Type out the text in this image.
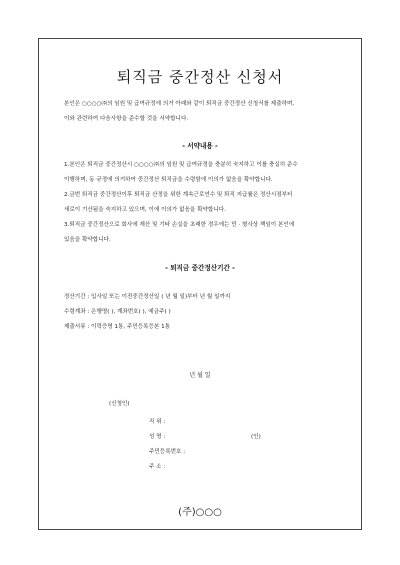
퇴직금 중간정산 신청서
본인은 ○○○○㈜의 임원 및 급여규정에 의거 아래와 같이 퇴직금 중간정산 신청서를 제출하며,
이와 관련하여 다음사항을 준수할 것을 서약합니다.
- 서약내용 -
1.본인은 퇴직금 중간정산시 ○○○○㈜의 임원 및 급여규정을 충분히 숙지하고 이를 충실히 준수
이행하며, 동 규정에 의거하여 중간정산 퇴직금을 수령함에 이의가 없음을 확약합니다.
2.금번 퇴직금 중간정산이후 퇴직금 산정을 위한 계속근로연수 및 퇴직 지급률은 정산시점부터
새로이 기산됨을 숙지하고 있으며, 이에 이의가 없음을 확약합니다.
3.퇴직금 중간정산으로 회사에 재산 및 기타 손실을 초래한 경우에는 민 · 형사상 책임이 본인에
있음을 확약합니다.
- 퇴직금 중간정산기간 -
정산기간 : 입사일 또는 이전중간정산일 ( 년 월 일)부터 년 월 일까지
수령계좌 : 은행명( ), 계좌번호( ), 예금주( )
제출서류 : 이력증명 1통, 주민등록등본 1통
년 월 일
(신청인)
직 위 :
성 명 :	(인)
주민등록번호 :
주 소 :
(주)○○○
